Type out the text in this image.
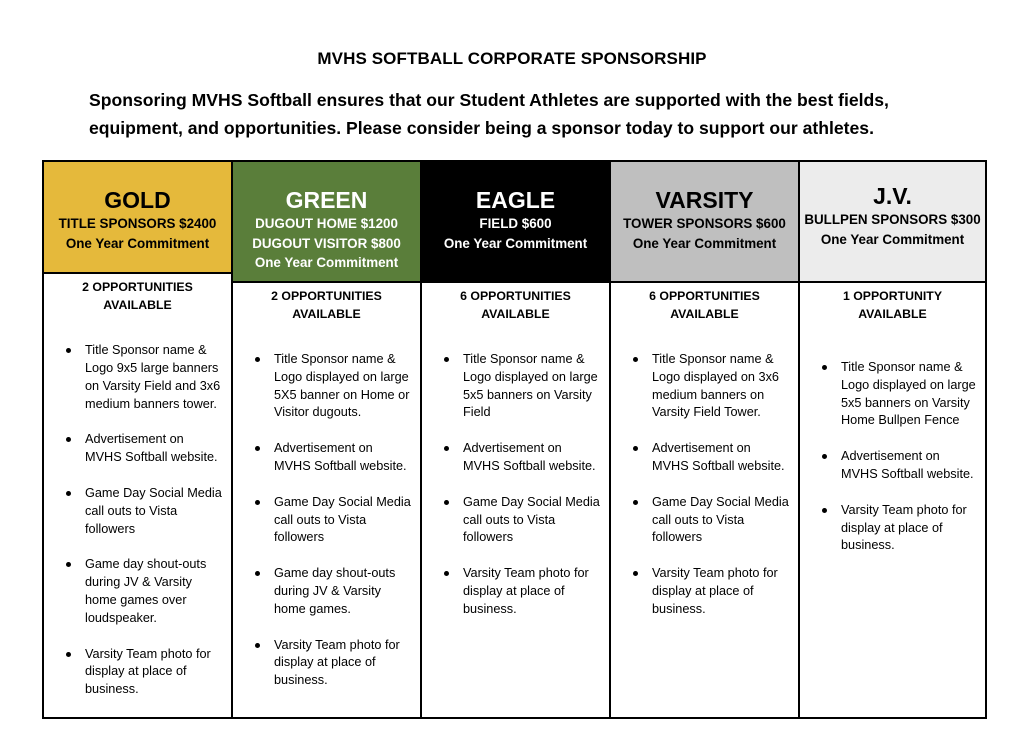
MVHS SOFTBALL CORPORATE SPONSORSHIP
Sponsoring MVHS Softball ensures that our Student Athletes are supported with the best fields, equipment, and opportunities. Please consider being a sponsor today to support our athletes.
GOLD
TITLE SPONSORS $2400
One Year Commitment
2 OPPORTUNITIES AVAILABLE
Title Sponsor name & Logo 9x5 large banners on Varsity Field and 3x6 medium banners tower.
Advertisement on MVHS Softball website.
Game Day Social Media call outs to Vista followers
Game day shout-outs during JV & Varsity home games over loudspeaker.
Varsity Team photo for display at place of business.
GREEN
DUGOUT HOME $1200
DUGOUT VISITOR $800
One Year Commitment
2 OPPORTUNITIES AVAILABLE
Title Sponsor name & Logo displayed on large 5X5 banner on Home or Visitor dugouts.
Advertisement on MVHS Softball website.
Game Day Social Media call outs to Vista followers
Game day shout-outs during JV & Varsity home games.
Varsity Team photo for display at place of business.
EAGLE
FIELD $600
One Year Commitment
6 OPPORTUNITIES AVAILABLE
Title Sponsor name & Logo displayed on large 5x5 banners on Varsity Field
Advertisement on MVHS Softball website.
Game Day Social Media call outs to Vista followers
Varsity Team photo for display at place of business.
VARSITY
TOWER SPONSORS $600
One Year Commitment
6 OPPORTUNITIES AVAILABLE
Title Sponsor name & Logo displayed on 3x6 medium banners on Varsity Field Tower.
Advertisement on MVHS Softball website.
Game Day Social Media call outs to Vista followers
Varsity Team photo for display at place of business.
J.V.
BULLPEN SPONSORS $300
One Year Commitment
1 OPPORTUNITY AVAILABLE
Title Sponsor name & Logo displayed on large 5x5 banners on Varsity Home Bullpen Fence
Advertisement on MVHS Softball website.
Varsity Team photo for display at place of business.
